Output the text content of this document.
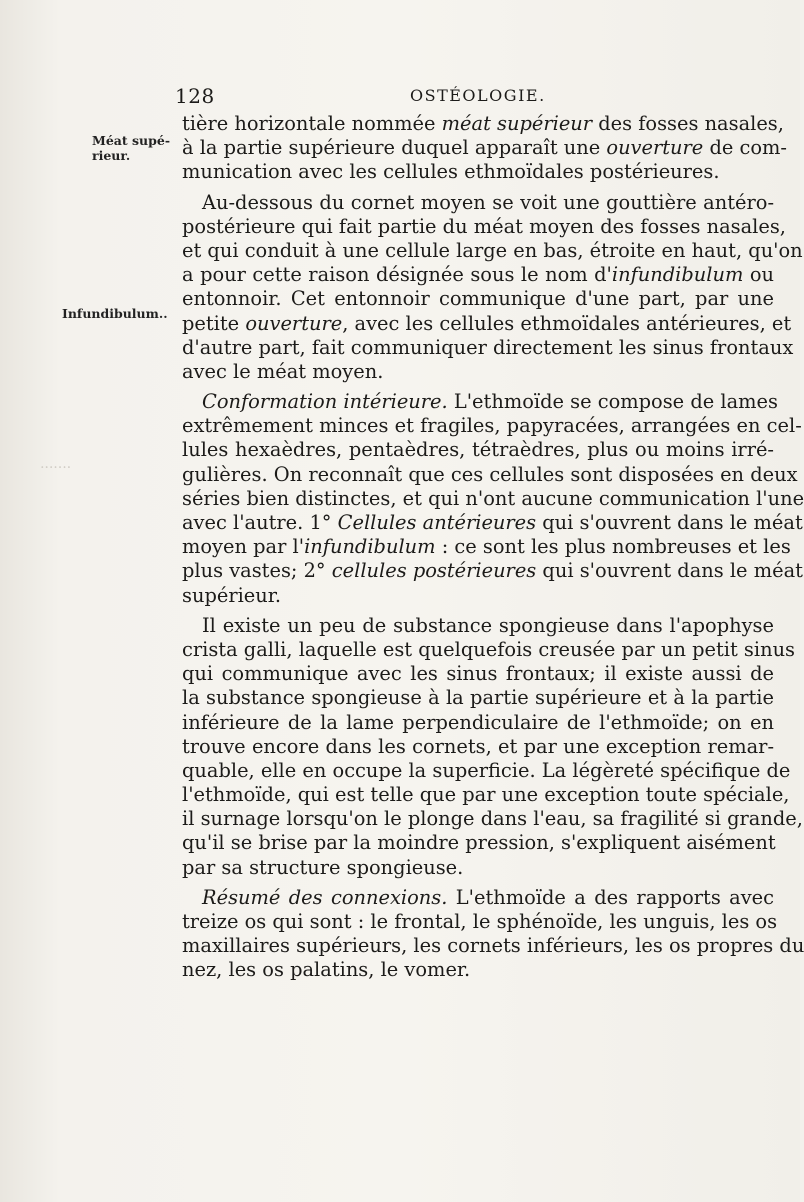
128	OSTÉOLOGIE.
Méat supé-
rieur.
Infundibulum..
·······
tière horizontale nommée méat supérieur des fosses nasales,
à la partie supérieure duquel apparaît une ouverture de com-
munication avec les cellules ethmoïdales postérieures.
Au-dessous du cornet moyen se voit une gouttière antéro-
postérieure qui fait partie du méat moyen des fosses nasales,
et qui conduit à une cellule large en bas, étroite en haut, qu'on
a pour cette raison désignée sous le nom d'infundibulum ou
entonnoir. Cet entonnoir communique d'une part, par une
petite ouverture, avec les cellules ethmoïdales antérieures, et
d'autre part, fait communiquer directement les sinus frontaux
avec le méat moyen.
Conformation intérieure. L'ethmoïde se compose de lames
extrêmement minces et fragiles, papyracées, arrangées en cel-
lules hexaèdres, pentaèdres, tétraèdres, plus ou moins irré-
gulières. On reconnaît que ces cellules sont disposées en deux
séries bien distinctes, et qui n'ont aucune communication l'une
avec l'autre. 1° Cellules antérieures qui s'ouvrent dans le méat
moyen par l'infundibulum : ce sont les plus nombreuses et les
plus vastes; 2° cellules postérieures qui s'ouvrent dans le méat
supérieur.
Il existe un peu de substance spongieuse dans l'apophyse
crista galli, laquelle est quelquefois creusée par un petit sinus
qui communique avec les sinus frontaux; il existe aussi de
la substance spongieuse à la partie supérieure et à la partie
inférieure de la lame perpendiculaire de l'ethmoïde; on en
trouve encore dans les cornets, et par une exception remar-
quable, elle en occupe la superficie. La légèreté spécifique de
l'ethmoïde, qui est telle que par une exception toute spéciale,
il surnage lorsqu'on le plonge dans l'eau, sa fragilité si grande,
qu'il se brise par la moindre pression, s'expliquent aisément
par sa structure spongieuse.
Résumé des connexions. L'ethmoïde a des rapports avec
treize os qui sont : le frontal, le sphénoïde, les unguis, les os
maxillaires supérieurs, les cornets inférieurs, les os propres du
nez, les os palatins, le vomer.
